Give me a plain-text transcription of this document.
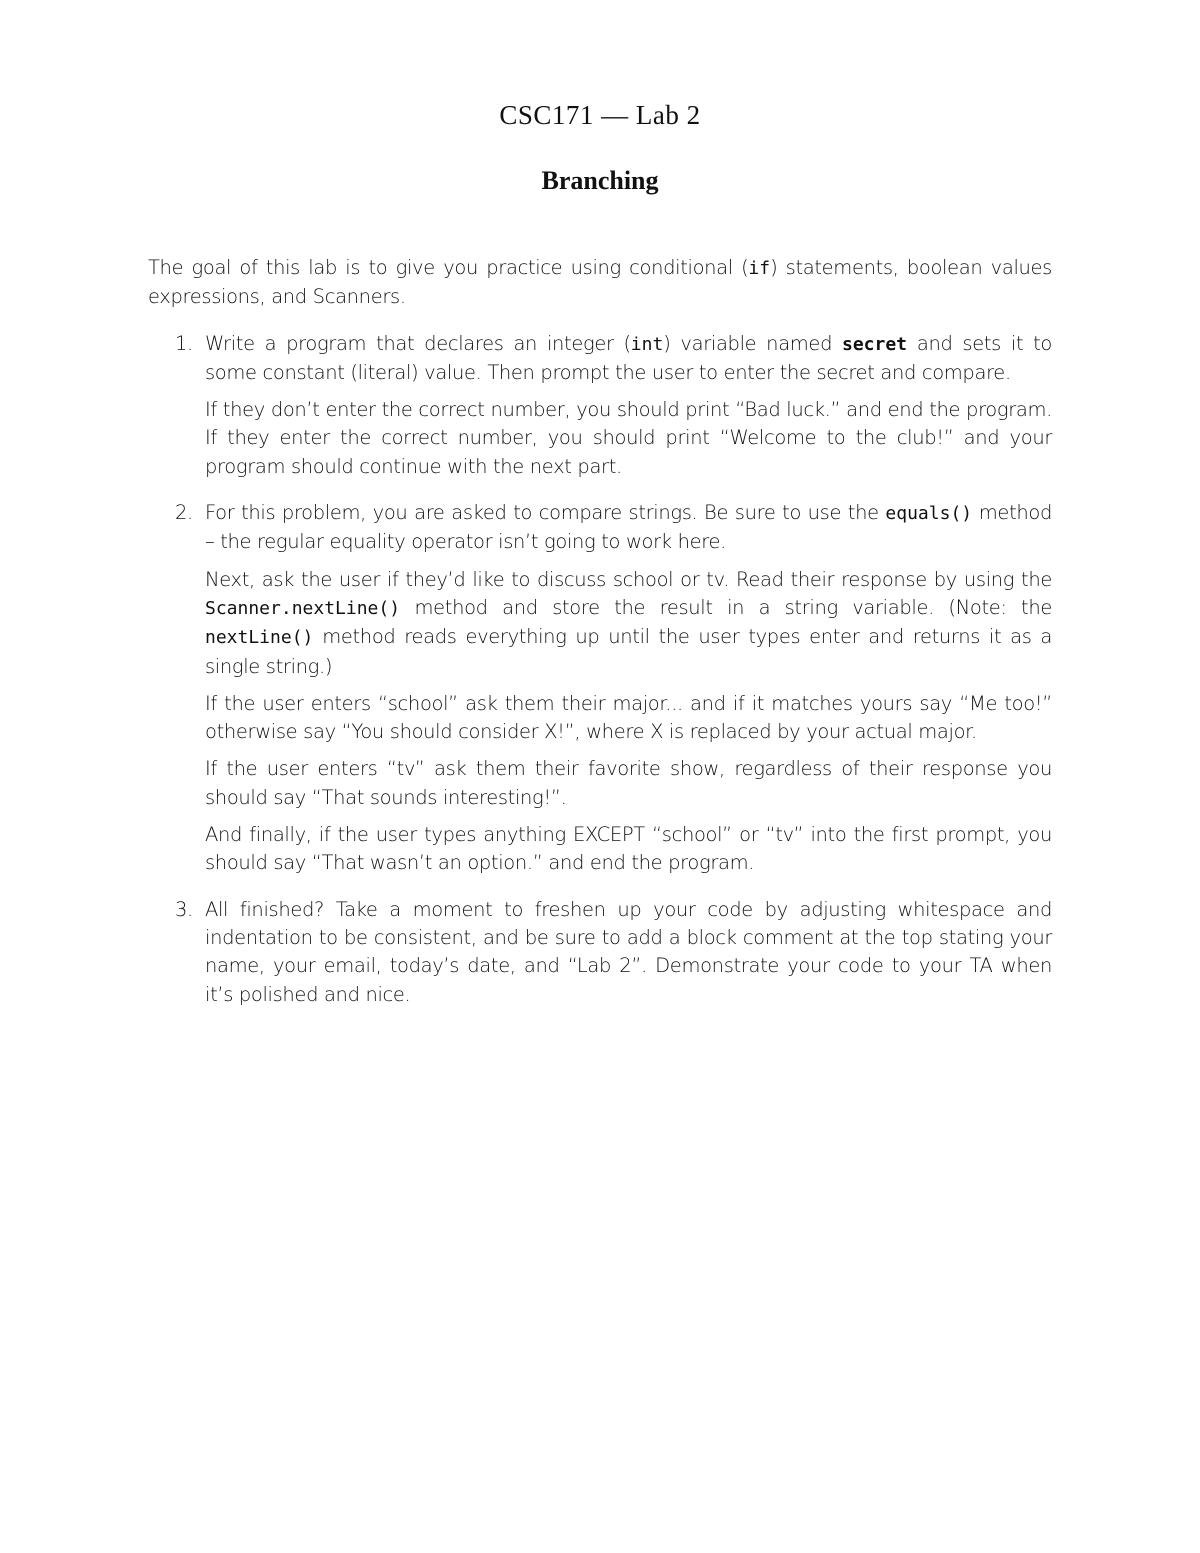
CSC171 — Lab 2
Branching

The goal of this lab is to give you practice using conditional (if) statements, boolean values expressions, and Scanners.

1. Write a program that declares an integer (int) variable named secret and sets it to some constant (literal) value. Then prompt the user to enter the secret and compare.

If they don’t enter the correct number, you should print “Bad luck.” and end the program. If they enter the correct number, you should print “Welcome to the club!” and your program should continue with the next part.

2. For this problem, you are asked to compare strings. Be sure to use the equals() method – the regular equality operator isn’t going to work here.

Next, ask the user if they’d like to discuss school or tv. Read their response by using the Scanner.nextLine() method and store the result in a string variable. (Note: the nextLine() method reads everything up until the user types enter and returns it as a single string.)

If the user enters “school” ask them their major... and if it matches yours say “Me too!” otherwise say “You should consider X!”, where X is replaced by your actual major.

If the user enters “tv” ask them their favorite show, regardless of their response you should say “That sounds interesting!”.

And finally, if the user types anything EXCEPT “school” or “tv” into the first prompt, you should say “That wasn’t an option.” and end the program.

3. All finished? Take a moment to freshen up your code by adjusting whitespace and indentation to be consistent, and be sure to add a block comment at the top stating your name, your email, today’s date, and “Lab 2”. Demonstrate your code to your TA when it’s polished and nice.
